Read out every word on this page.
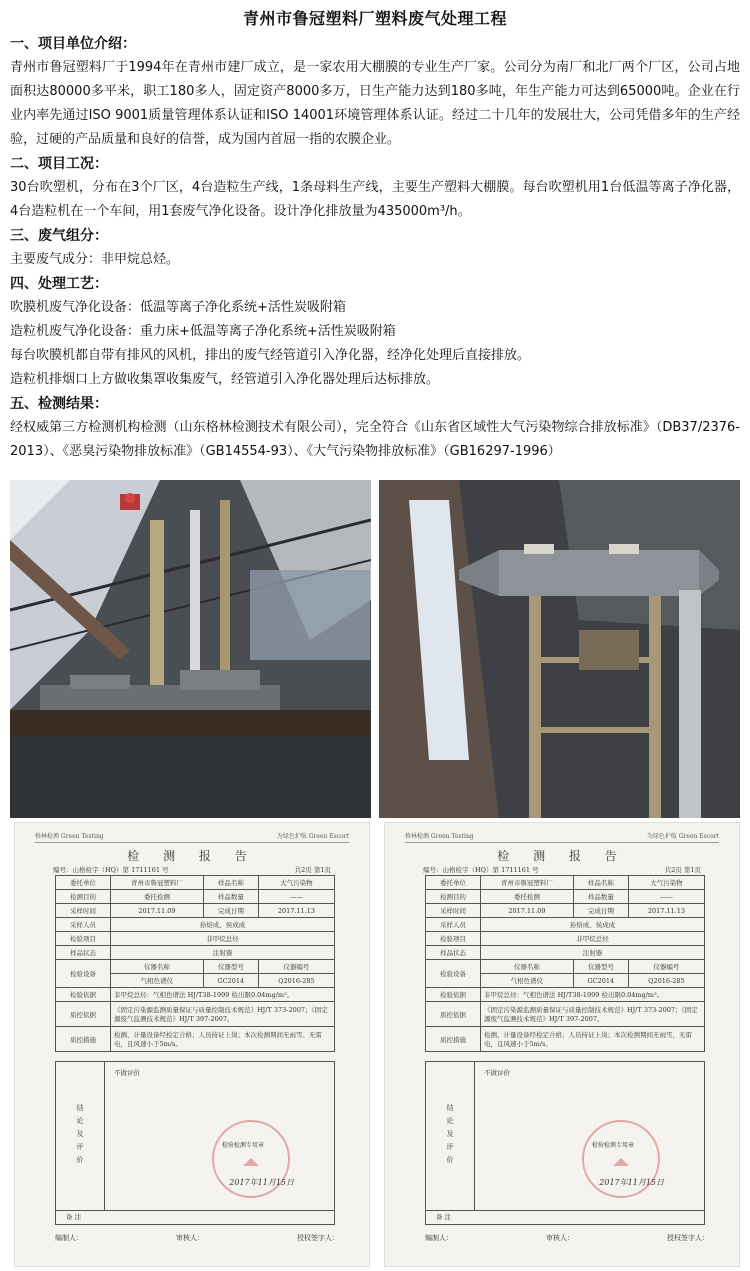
青州市鲁冠塑料厂塑料废气处理工程
一、项目单位介绍：
青州市鲁冠塑料厂于1994年在青州市建厂成立，是一家农用大棚膜的专业生产厂家。公司分为南厂和北厂两个厂区，公司占地面积达80000多平米，职工180多人，固定资产8000多万，日生产能力达到180多吨，年生产能力可达到65000吨。企业在行业内率先通过ISO 9001质量管理体系认证和ISO 14001环境管理体系认证。经过二十几年的发展壮大，公司凭借多年的生产经验，过硬的产品质量和良好的信誉，成为国内首屈一指的农膜企业。
二、项目工况：
30台吹塑机，分布在3个厂区，4台造粒生产线，1条母料生产线，主要生产塑料大棚膜。每台吹塑机用1台低温等离子净化器，4台造粒机在一个车间，用1套废气净化设备。设计净化排放量为435000m³/h。
三、废气组分：
主要废气成分：非甲烷总烃。
四、处理工艺：
吹膜机废气净化设备：低温等离子净化系统+活性炭吸附箱
造粒机废气净化设备：重力床+低温等离子净化系统+活性炭吸附箱
每台吹膜机都自带有排风的风机，排出的废气经管道引入净化器，经净化处理后直接排放。
造粒机排烟口上方做收集罩收集废气，经管道引入净化器处理后达标排放。
五、检测结果：
经权威第三方检测机构检测（山东格林检测技术有限公司），完全符合《山东省区域性大气污染物综合排放标准》（DB37/2376-2013）、《恶臭污染物排放标准》（GB14554-93）、《大气污染物排放标准》（GB16297-1996）
格林检测 Green Testing	为绿色护航 Green Escort
检 测 报 告
编号：山格检字（HQ）第 1711161 号	共2页 第1页
委托单位	青州市鲁冠塑料厂	样品名称	大气污染物
检测目的	委托检测	样品数量	——
采样时间	2017.11.09	完成日期	2017.11.13
采样人员	孙焙成、侯成成		
检验项目	非甲烷总烃		
样品状态	注射器		
检验设备	仪器名称	仪器型号	仪器编号
	气相色谱仪	GC2014	Q2016-285
检验依据	非甲烷总烃：气相色谱法 HJ/T38-1999 检出限0.04mg/m³。		
质控依据	《固定污染源监测质量保证与质量控制技术规范》HJ/T 373-2007；《固定源废气监测技术规范》HJ/T 397-2007。		
质控措施	检测、计量设备经检定合格；人员持证上岗；本次检测期间无雨雪、无雷电，且风速小于5m/s。		
结论及评价
不做评价
检验检测专用章
2017年11月15日
备 注
编制人：	审核人：	授权签字人：
格林检测 Green Testing	为绿色护航 Green Escort
检 测 报 告
编号：山格检字（HQ）第 1711161 号	共2页 第1页
委托单位	青州市鲁冠塑料厂	样品名称	大气污染物
检测目的	委托检测	样品数量	——
采样时间	2017.11.09	完成日期	2017.11.13
采样人员	孙焙成、侯成成		
检验项目	非甲烷总烃		
样品状态	注射器		
检验设备	仪器名称	仪器型号	仪器编号
	气相色谱仪	GC2014	Q2016-285
检验依据	非甲烷总烃：气相色谱法 HJ/T38-1999 检出限0.04mg/m³。		
质控依据	《固定污染源监测质量保证与质量控制技术规范》HJ/T 373-2007；《固定源废气监测技术规范》HJ/T 397-2007。		
质控措施	检测、计量设备经检定合格；人员持证上岗；本次检测期间无雨雪、无雷电，且风速小于5m/s。		
结论及评价
不做评价
检验检测专用章
2017年11月15日
备 注
编制人：	审核人：	授权签字人：
